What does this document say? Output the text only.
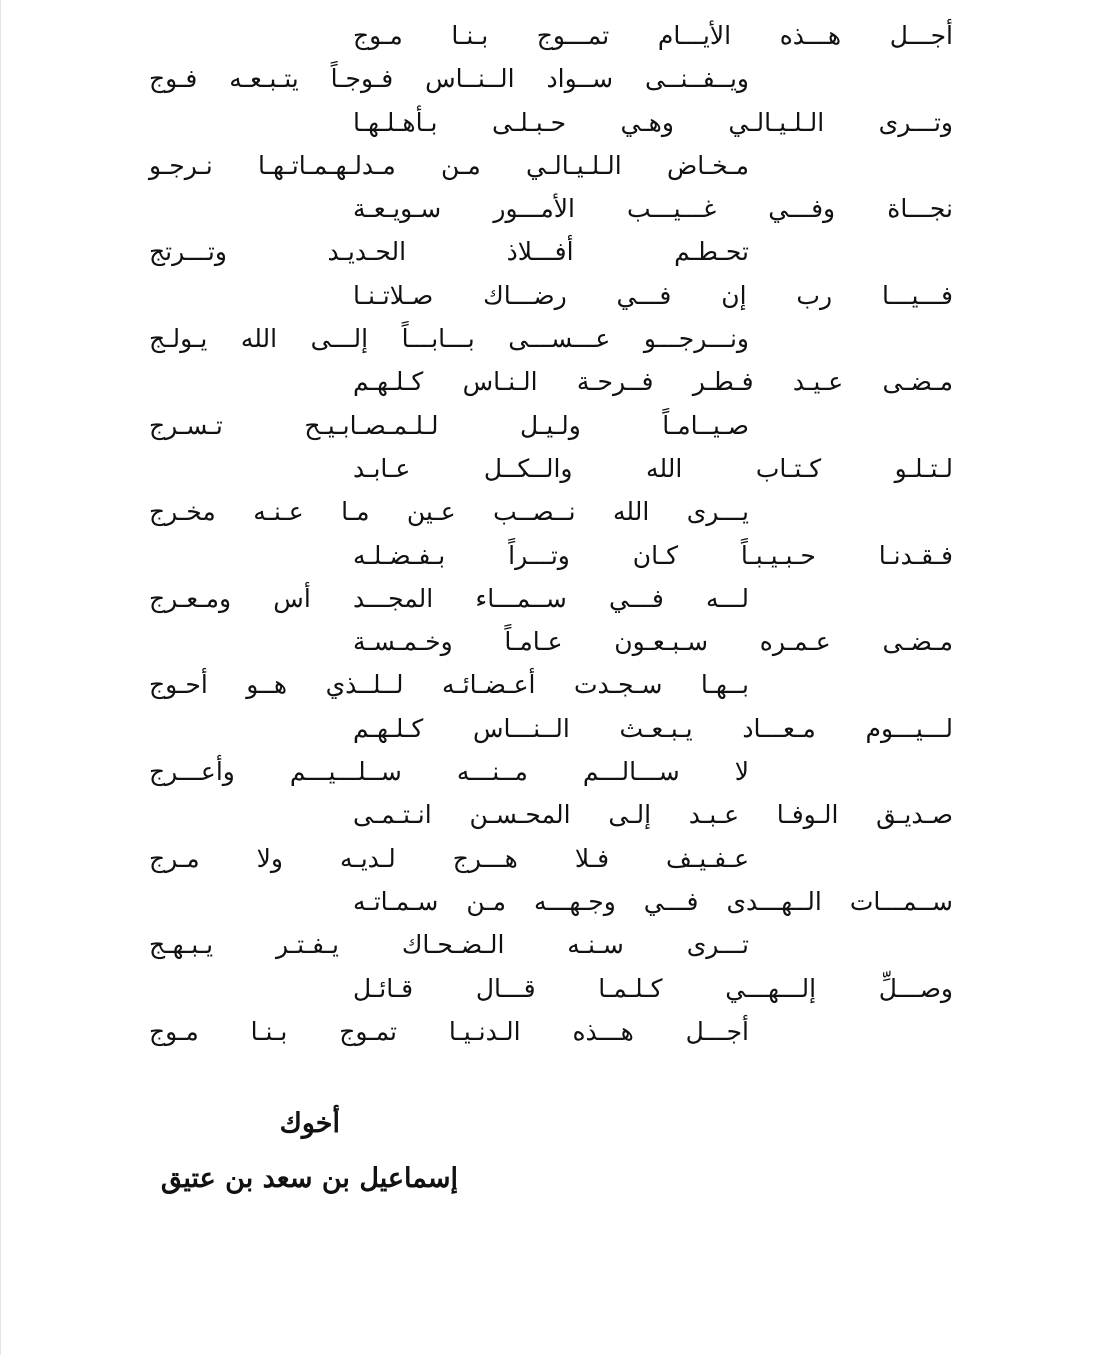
أجـــل هـــذه الأيـــام تمـــوج بـنـا مـوج
ويــفــنــى ســواد الــنــاس فـوجـاً يتـبـعـه فـوج
وتـــرى الـلـيـالـي وهـي حـبـلـى بـأهـلـهـا
مـخـاض الـلـيـالـي مـن مـدلـهـمـاتـهـا نـرجـو
نجـــاة وفـــي غـــيـــب الأمـــور سـويـعـة
تحـطـم أفـــلاذ الحـديـد وتـــرتج
فـــيـــا رب إن فـــي رضـــاك صـلاتـنـا
ونـــرجـــو عـــســـى بـــابـــاً إلـــى الله يـولـج
مـضـى عـيـد فـطـر فــرحـة الـنـاس كـلـهـم
صـيــامـاً ولـيـل لـلـمـصـابـيـح تـسـرج
لـتـلـو كـتـاب الله والــكــل عـابـد
يـــرى الله نــصــب عـين مـا عـنـه مخـرج
فـقـدنـا حـبـيـبـاً كـان وتـــراً بـفـضـلـه
لـــه فـــي ســمـــاء المجـــد أس ومـعـرج
مـضـى عـمـره سـبـعـون عـامـاً وخـمـسـة
بــهـا سـجـدت أعـضـائـه لــلــذي هــو أحـوج
لـــيـــوم مـعـــاد يـبـعـث الــنـــاس كـلـهـم
لا ســـالـــم مــنـــه ســلـــيـــم وأعـــرج
صـديـق الـوفـا عـبـد إلـى المحـسـن انـتـمـى
عـفـيـف فـلا هـــرج لـديـه ولا مـرج
ســمـــات الــهـــدى فـــي وجـهـــه مـن سـمـاتـه
تـــرى سـنـه الـضـحـاك يـفـتـر يـبـهـج
وصـــلِّ إلـــهـــي كـلـمـا قـــال قـائـل
أجـــل هـــذه الـدنـيـا تمـوج بـنـا مـوج
أخوك
إسماعيل بن سعد بن عتيق
